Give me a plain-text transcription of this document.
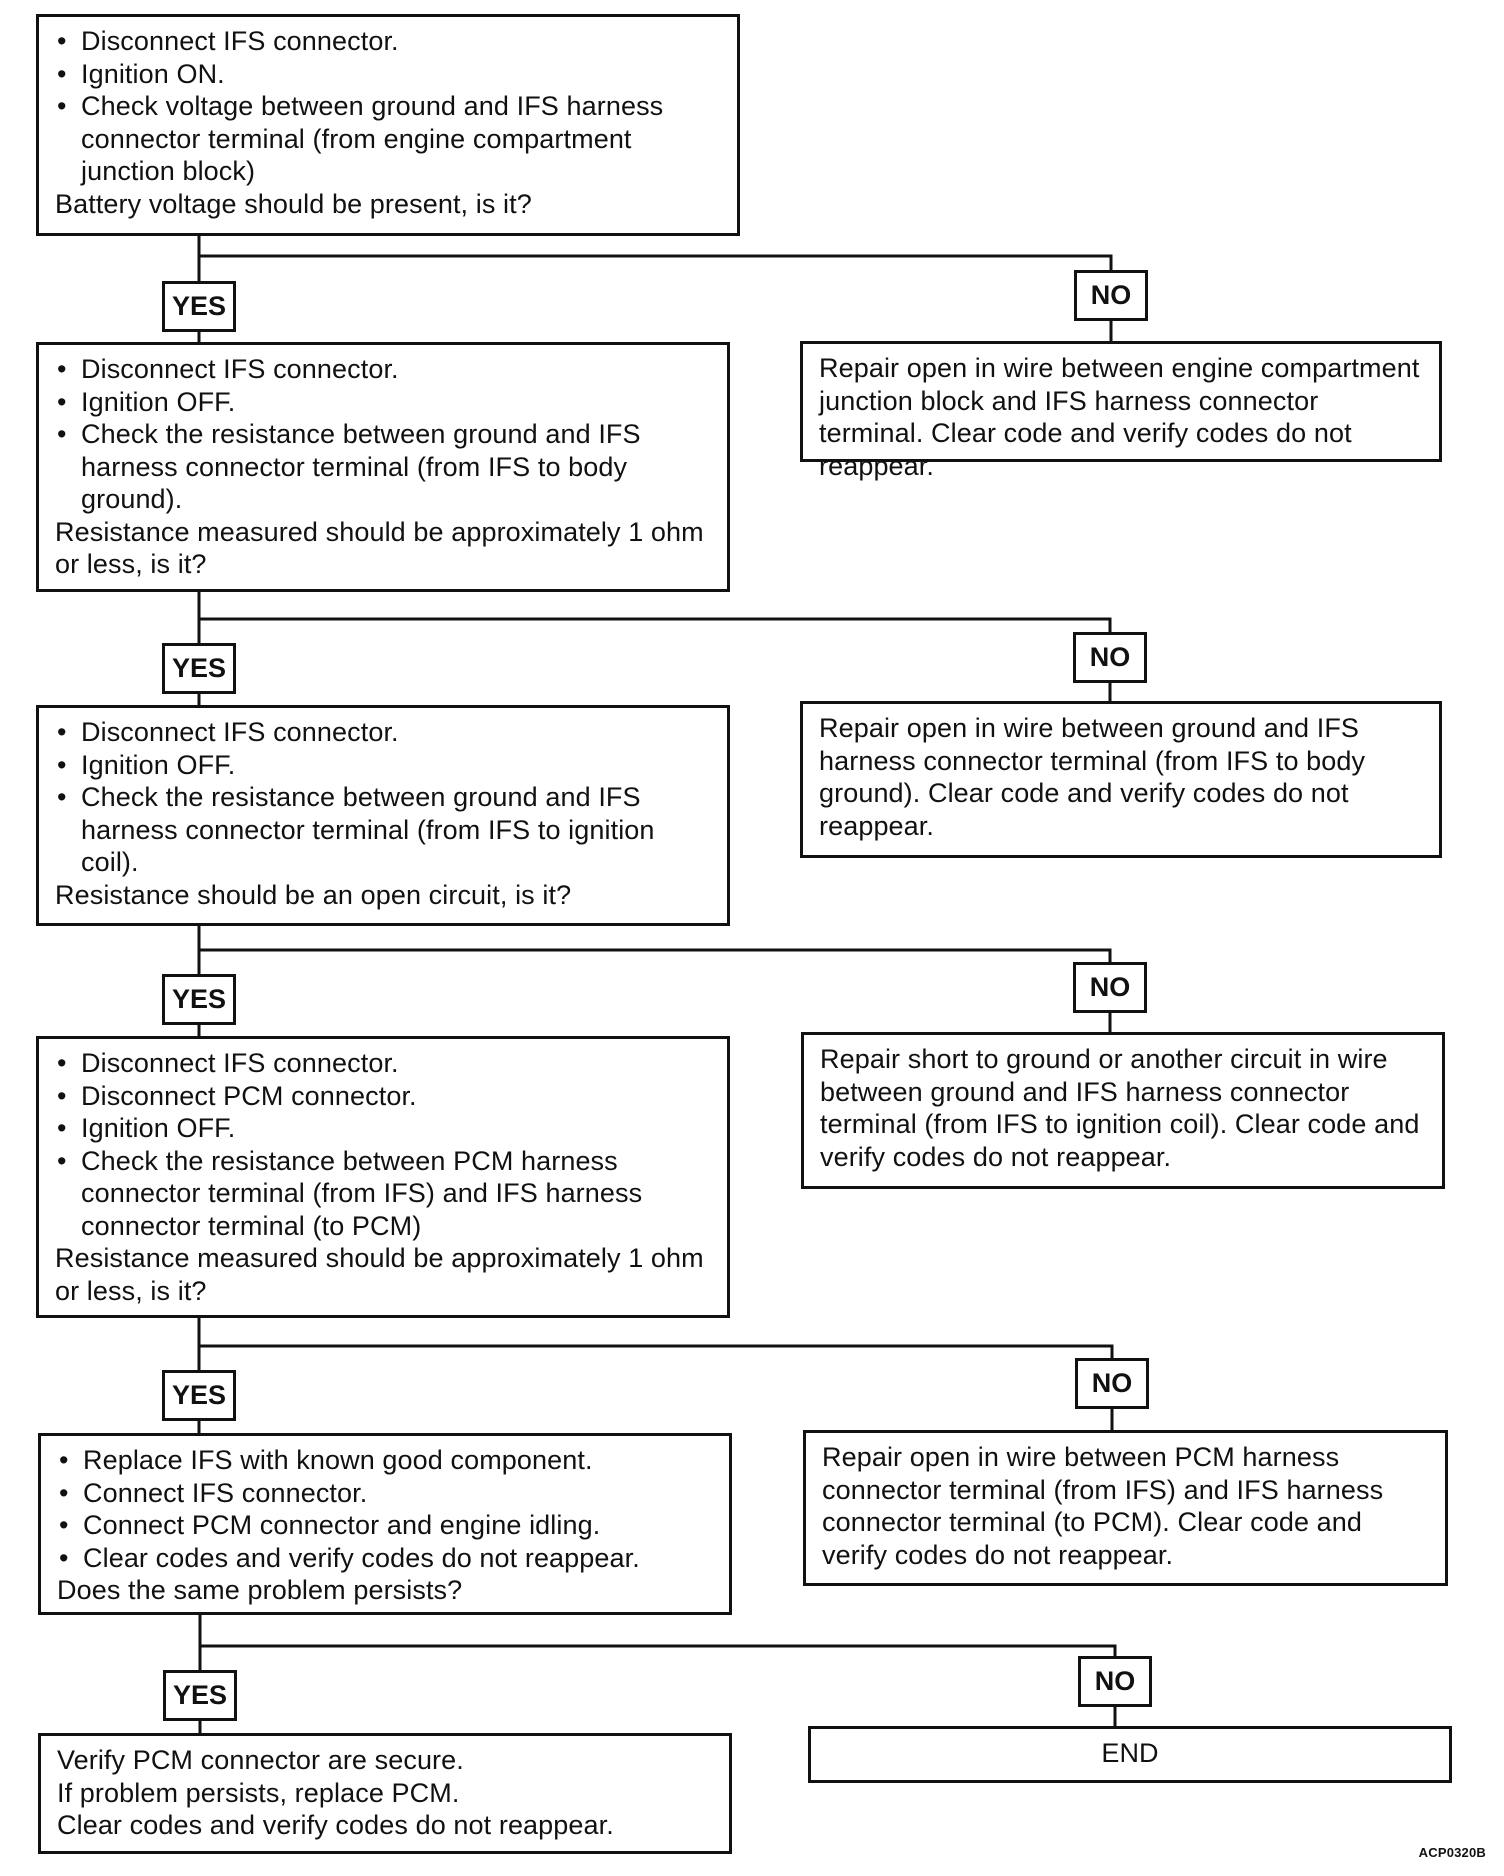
• Disconnect IFS connector.
• Ignition ON.
• Check voltage between ground and IFS harness connector terminal (from engine compartment junction block)
Battery voltage should be present, is it?
YES	NO
• Disconnect IFS connector.
• Ignition OFF.
• Check the resistance between ground and IFS harness connector terminal (from IFS to body ground).
Resistance measured should be approximately 1 ohm or less, is it?
Repair open in wire between engine compartment junction block and IFS harness connector terminal. Clear code and verify codes do not reappear.
YES	NO
• Disconnect IFS connector.
• Ignition OFF.
• Check the resistance between ground and IFS harness connector terminal (from IFS to ignition coil).
Resistance should be an open circuit, is it?
Repair open in wire between ground and IFS harness connector terminal (from IFS to body ground). Clear code and verify codes do not reappear.
YES	NO
• Disconnect IFS connector.
• Disconnect PCM connector.
• Ignition OFF.
• Check the resistance between PCM harness connector terminal (from IFS) and IFS harness connector terminal (to PCM)
Resistance measured should be approximately 1 ohm or less, is it?
Repair short to ground or another circuit in wire between ground and IFS harness connector terminal (from IFS to ignition coil). Clear code and verify codes do not reappear.
YES	NO
• Replace IFS with known good component.
• Connect IFS connector.
• Connect PCM connector and engine idling.
• Clear codes and verify codes do not reappear.
Does the same problem persists?
Repair open in wire between PCM harness connector terminal (from IFS) and IFS harness connector terminal (to PCM). Clear code and verify codes do not reappear.
YES	NO
Verify PCM connector are secure.
If problem persists, replace PCM.
Clear codes and verify codes do not reappear.
END
ACP0320B
